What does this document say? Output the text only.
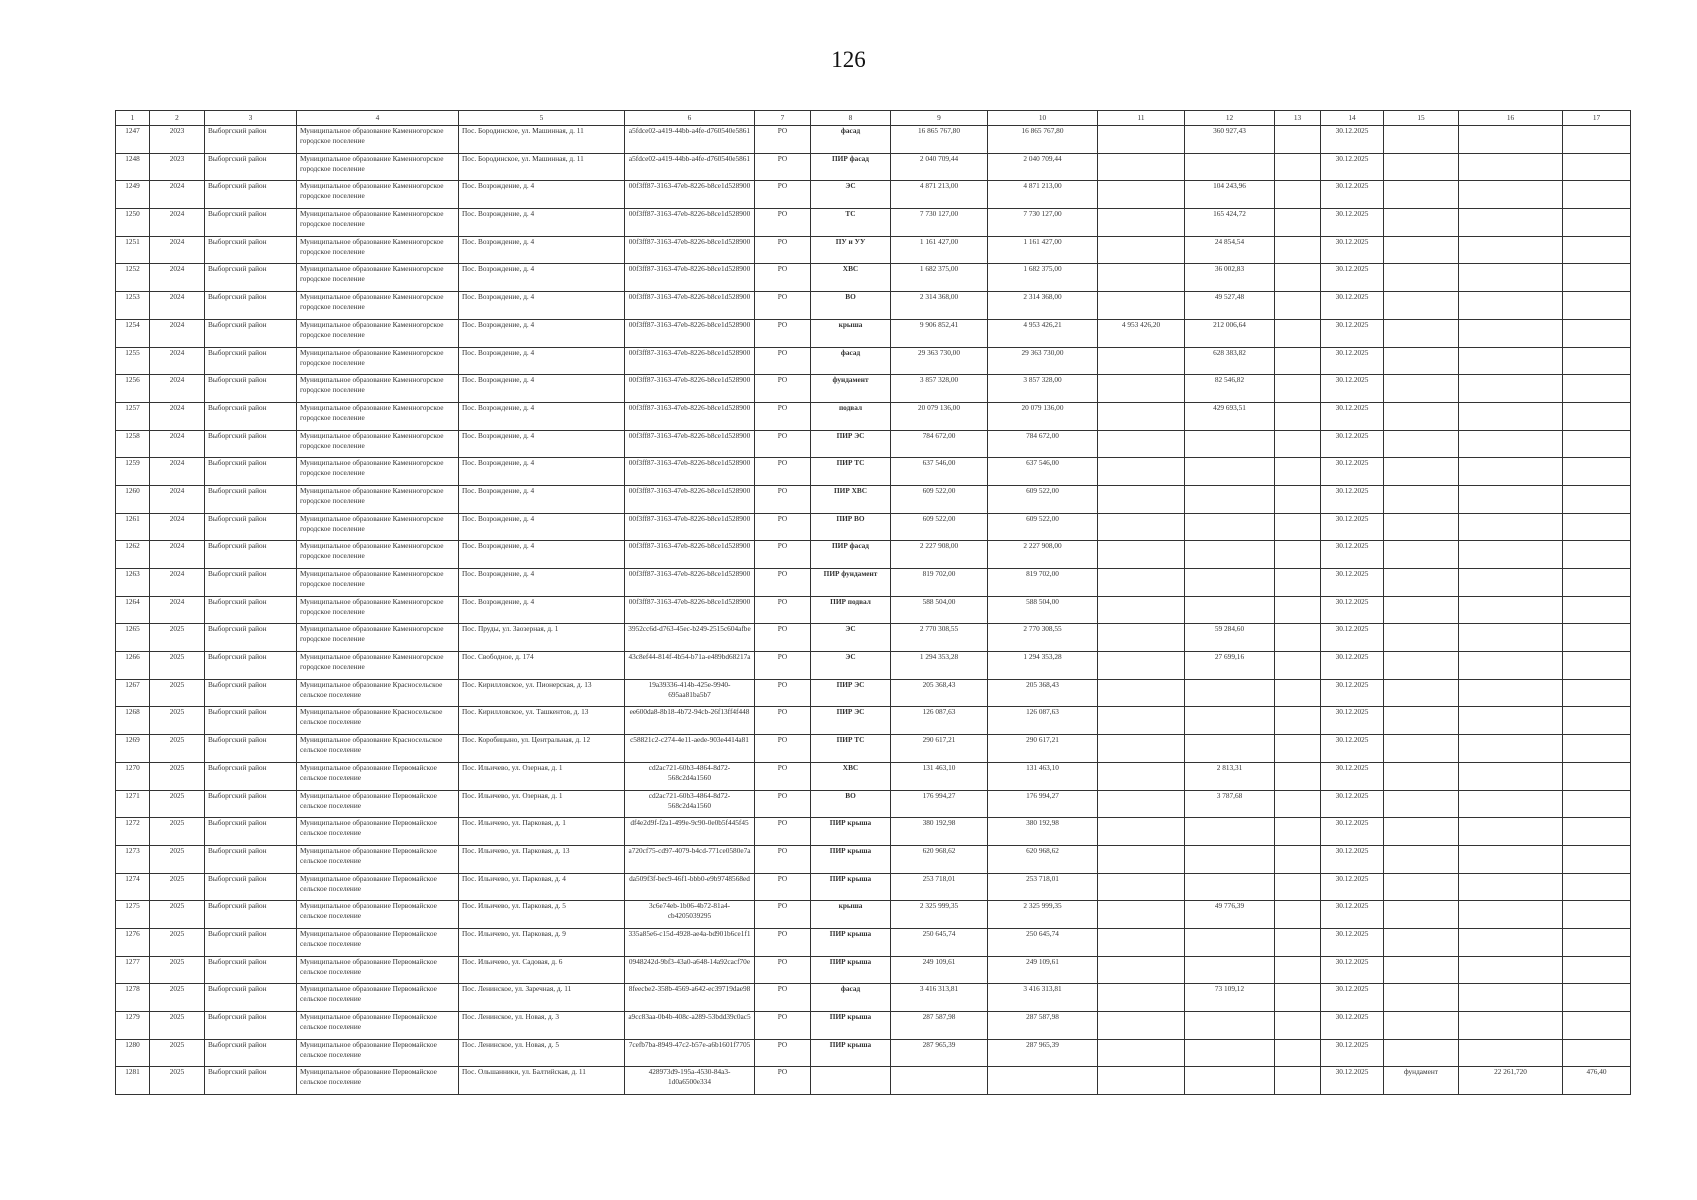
126
1	2	3	4	5	6	7	8	9	10	11	12	13	14	15	16	17
1247	2023	Выборгский район	Муниципальное образование Каменногорское городское поселение	Пос. Бородинское, ул. Машинная, д. 11	a5fdce02-a419-44bb-a4fe-d760540e5861	РО	фасад	16 865 767,80	16 865 767,80		360 927,43		30.12.2025			
1248	2023	Выборгский район	Муниципальное образование Каменногорское городское поселение	Пос. Бородинское, ул. Машинная, д. 11	a5fdce02-a419-44bb-a4fe-d760540e5861	РО	ПИР фасад	2 040 709,44	2 040 709,44				30.12.2025			
1249	2024	Выборгский район	Муниципальное образование Каменногорское городское поселение	Пос. Возрождение, д. 4	00f3ff87-3163-47eb-8226-b8ce1d528900	РО	ЭС	4 871 213,00	4 871 213,00		104 243,96		30.12.2025			
1250	2024	Выборгский район	Муниципальное образование Каменногорское городское поселение	Пос. Возрождение, д. 4	00f3ff87-3163-47eb-8226-b8ce1d528900	РО	ТС	7 730 127,00	7 730 127,00		165 424,72		30.12.2025			
1251	2024	Выборгский район	Муниципальное образование Каменногорское городское поселение	Пос. Возрождение, д. 4	00f3ff87-3163-47eb-8226-b8ce1d528900	РО	ПУ и УУ	1 161 427,00	1 161 427,00		24 854,54		30.12.2025			
1252	2024	Выборгский район	Муниципальное образование Каменногорское городское поселение	Пос. Возрождение, д. 4	00f3ff87-3163-47eb-8226-b8ce1d528900	РО	ХВС	1 682 375,00	1 682 375,00		36 002,83		30.12.2025			
1253	2024	Выборгский район	Муниципальное образование Каменногорское городское поселение	Пос. Возрождение, д. 4	00f3ff87-3163-47eb-8226-b8ce1d528900	РО	ВО	2 314 368,00	2 314 368,00		49 527,48		30.12.2025			
1254	2024	Выборгский район	Муниципальное образование Каменногорское городское поселение	Пос. Возрождение, д. 4	00f3ff87-3163-47eb-8226-b8ce1d528900	РО	крыша	9 906 852,41	4 953 426,21	4 953 426,20	212 006,64		30.12.2025			
1255	2024	Выборгский район	Муниципальное образование Каменногорское городское поселение	Пос. Возрождение, д. 4	00f3ff87-3163-47eb-8226-b8ce1d528900	РО	фасад	29 363 730,00	29 363 730,00		628 383,82		30.12.2025			
1256	2024	Выборгский район	Муниципальное образование Каменногорское городское поселение	Пос. Возрождение, д. 4	00f3ff87-3163-47eb-8226-b8ce1d528900	РО	фундамент	3 857 328,00	3 857 328,00		82 546,82		30.12.2025			
1257	2024	Выборгский район	Муниципальное образование Каменногорское городское поселение	Пос. Возрождение, д. 4	00f3ff87-3163-47eb-8226-b8ce1d528900	РО	подвал	20 079 136,00	20 079 136,00		429 693,51		30.12.2025			
1258	2024	Выборгский район	Муниципальное образование Каменногорское городское поселение	Пос. Возрождение, д. 4	00f3ff87-3163-47eb-8226-b8ce1d528900	РО	ПИР ЭС	784 672,00	784 672,00				30.12.2025			
1259	2024	Выборгский район	Муниципальное образование Каменногорское городское поселение	Пос. Возрождение, д. 4	00f3ff87-3163-47eb-8226-b8ce1d528900	РО	ПИР ТС	637 546,00	637 546,00				30.12.2025			
1260	2024	Выборгский район	Муниципальное образование Каменногорское городское поселение	Пос. Возрождение, д. 4	00f3ff87-3163-47eb-8226-b8ce1d528900	РО	ПИР ХВС	609 522,00	609 522,00				30.12.2025			
1261	2024	Выборгский район	Муниципальное образование Каменногорское городское поселение	Пос. Возрождение, д. 4	00f3ff87-3163-47eb-8226-b8ce1d528900	РО	ПИР ВО	609 522,00	609 522,00				30.12.2025			
1262	2024	Выборгский район	Муниципальное образование Каменногорское городское поселение	Пос. Возрождение, д. 4	00f3ff87-3163-47eb-8226-b8ce1d528900	РО	ПИР фасад	2 227 908,00	2 227 908,00				30.12.2025			
1263	2024	Выборгский район	Муниципальное образование Каменногорское городское поселение	Пос. Возрождение, д. 4	00f3ff87-3163-47eb-8226-b8ce1d528900	РО	ПИР фундамент	819 702,00	819 702,00				30.12.2025			
1264	2024	Выборгский район	Муниципальное образование Каменногорское городское поселение	Пос. Возрождение, д. 4	00f3ff87-3163-47eb-8226-b8ce1d528900	РО	ПИР подвал	588 504,00	588 504,00				30.12.2025			
1265	2025	Выборгский район	Муниципальное образование Каменногорское городское поселение	Пос. Пруды, ул. Заозерная, д. 1	3952cc6d-d763-45ec-b249-2515c604afbe	РО	ЭС	2 770 308,55	2 770 308,55		59 284,60		30.12.2025			
1266	2025	Выборгский район	Муниципальное образование Каменногорское городское поселение	Пос. Свободное, д. 174	43c8ef44-814f-4b54-b71a-e489bd68217a	РО	ЭС	1 294 353,28	1 294 353,28		27 699,16		30.12.2025			
1267	2025	Выборгский район	Муниципальное образование Красносельское сельское поселение	Пос. Кирилловское, ул. Пионерская, д. 13	19a39336-414b-425e-9940-695aa81ba5b7	РО	ПИР ЭС	205 368,43	205 368,43				30.12.2025			
1268	2025	Выборгский район	Муниципальное образование Красносельское сельское поселение	Пос. Кирилловское, ул. Ташкентов, д. 13	ee600da8-8b18-4b72-94cb-26f13ff4f448	РО	ПИР ЭС	126 087,63	126 087,63				30.12.2025			
1269	2025	Выборгский район	Муниципальное образование Красносельское сельское поселение	Пос. Коробицыно, ул. Центральная, д. 12	c58821c2-c274-4e11-aede-903e4414a81	РО	ПИР ТС	290 617,21	290 617,21				30.12.2025			
1270	2025	Выборгский район	Муниципальное образование Первомайское сельское поселение	Пос. Ильичево, ул. Озерная, д. 1	cd2ac721-60b3-4864-8d72-568c2d4a1560	РО	ХВС	131 463,10	131 463,10		2 813,31		30.12.2025			
1271	2025	Выборгский район	Муниципальное образование Первомайское сельское поселение	Пос. Ильичево, ул. Озерная, д. 1	cd2ac721-60b3-4864-8d72-568c2d4a1560	РО	ВО	176 994,27	176 994,27		3 787,68		30.12.2025			
1272	2025	Выборгский район	Муниципальное образование Первомайское сельское поселение	Пос. Ильичево, ул. Парковая, д. 1	df4e2d9f-f2a1-499e-9c90-0e0b5f445f45	РО	ПИР крыша	380 192,98	380 192,98				30.12.2025			
1273	2025	Выборгский район	Муниципальное образование Первомайское сельское поселение	Пос. Ильичево, ул. Парковая, д. 13	a720cf75-cd97-4079-b4cd-771ce0580e7a	РО	ПИР крыша	620 968,62	620 968,62				30.12.2025			
1274	2025	Выборгский район	Муниципальное образование Первомайское сельское поселение	Пос. Ильичево, ул. Парковая, д. 4	da509f3f-bec9-46f1-bbb0-e9b9748568ed	РО	ПИР крыша	253 718,01	253 718,01				30.12.2025			
1275	2025	Выборгский район	Муниципальное образование Первомайское сельское поселение	Пос. Ильичево, ул. Парковая, д. 5	3c6e74eb-1b06-4b72-81a4-cb4205039295	РО	крыша	2 325 999,35	2 325 999,35		49 776,39		30.12.2025			
1276	2025	Выборгский район	Муниципальное образование Первомайское сельское поселение	Пос. Ильичево, ул. Парковая, д. 9	335a85e6-c15d-4928-ae4a-bd901b6ce1f1	РО	ПИР крыша	250 645,74	250 645,74				30.12.2025			
1277	2025	Выборгский район	Муниципальное образование Первомайское сельское поселение	Пос. Ильичево, ул. Садовая, д. 6	0948242d-9bf3-43a0-a648-14a92cacf70e	РО	ПИР крыша	249 109,61	249 109,61				30.12.2025			
1278	2025	Выборгский район	Муниципальное образование Первомайское сельское поселение	Пос. Ленинское, ул. Заречная, д. 11	8feecbe2-358b-4569-a642-ec39719dae98	РО	фасад	3 416 313,81	3 416 313,81		73 109,12		30.12.2025			
1279	2025	Выборгский район	Муниципальное образование Первомайское сельское поселение	Пос. Ленинское, ул. Новая, д. 3	a9cc83aa-0b4b-408c-a289-53bdd39c0ac5	РО	ПИР крыша	287 587,98	287 587,98				30.12.2025			
1280	2025	Выборгский район	Муниципальное образование Первомайское сельское поселение	Пос. Ленинское, ул. Новая, д. 5	7cefb7ba-8949-47c2-b57e-a6b1601f7705	РО	ПИР крыша	287 965,39	287 965,39				30.12.2025			
1281	2025	Выборгский район	Муниципальное образование Первомайское сельское поселение	Пос. Ольшанники, ул. Балтийская, д. 11	428973d9-195a-4530-84a3-1d0a6500e334	РО							30.12.2025	фундамент	22 261,720	476,40
